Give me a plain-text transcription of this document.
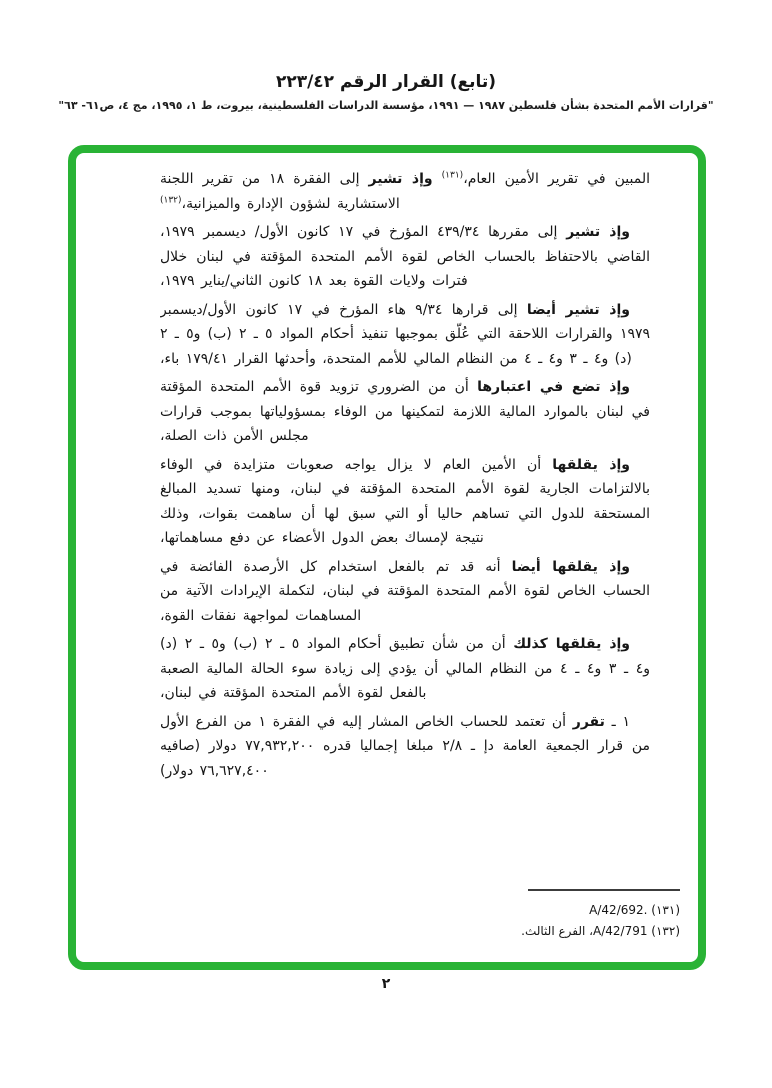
(تابع) القرار الرقم ٢٢٣/٤٢
"قرارات الأمم المتحدة بشأن فلسطين ١٩٨٧ — ١٩٩١، مؤسسة الدراسات الفلسطينية، بيروت، ط ١، ١٩٩٥، مج ٤، ص٦١- ٦٣"

المبين في تقرير الأمين العام،$^{(١٣١)}$ وإذ تشير إلى الفقرة ١٨ من تقرير اللجنة الاستشارية لشؤون الإدارة والميزانية،$^{(١٣٢)}$

وإذ تشير إلى مقررها ٤٣٩/٣٤ المؤرخ في ١٧ كانون الأول/ ديسمبر ١٩٧٩، القاضي بالاحتفاظ بالحساب الخاص لقوة الأمم المتحدة المؤقتة في لبنان خلال فترات ولايات القوة بعد ١٨ كانون الثاني/يناير ١٩٧٩،

وإذ تشير أيضا إلى قرارها ٩/٣٤ هاء المؤرخ في ١٧ كانون الأول/ديسمبر ١٩٧٩ والقرارات اللاحقة التي عُلّق بموجبها تنفيذ أحكام المواد ٥ ـ ٢ (ب) و٥ ـ ٢ (د) و٤ ـ ٣ و٤ ـ ٤ من النظام المالي للأمم المتحدة، وأحدثها القرار ١٧٩/٤١ باء،

وإذ تضع في اعتبارها أن من الضروري تزويد قوة الأمم المتحدة المؤقتة في لبنان بالموارد المالية اللازمة لتمكينها من الوفاء بمسؤولياتها بموجب قرارات مجلس الأمن ذات الصلة،

وإذ يقلقها أن الأمين العام لا يزال يواجه صعوبات متزايدة في الوفاء بالالتزامات الجارية لقوة الأمم المتحدة المؤقتة في لبنان، ومنها تسديد المبالغ المستحقة للدول التي تساهم حاليا أو التي سبق لها أن ساهمت بقوات، وذلك نتيجة لإمساك بعض الدول الأعضاء عن دفع مساهماتها،

وإذ يقلقها أيضا أنه قد تم بالفعل استخدام كل الأرصدة الفائضة في الحساب الخاص لقوة الأمم المتحدة المؤقتة في لبنان، لتكملة الإيرادات الآتية من المساهمات لمواجهة نفقات القوة،

وإذ يقلقها كذلك أن من شأن تطبيق أحكام المواد ٥ ـ ٢ (ب) و٥ ـ ٢ (د) و٤ ـ ٣ و٤ ـ ٤ من النظام المالي أن يؤدي إلى زيادة سوء الحالة المالية الصعبة بالفعل لقوة الأمم المتحدة المؤقتة في لبنان،

١ ـ تقرر أن تعتمد للحساب الخاص المشار إليه في الفقرة ١ من الفرع الأول من قرار الجمعية العامة دإ ـ ٢/٨ مبلغا إجماليا قدره ٧٧,٩٣٢,٢٠٠ دولار (صافيه ٧٦,٦٢٧,٤٠٠ دولار)

(١٣١) A/42/692.‎
(١٣٢) A/42/791، الفرع الثالث.
٢
